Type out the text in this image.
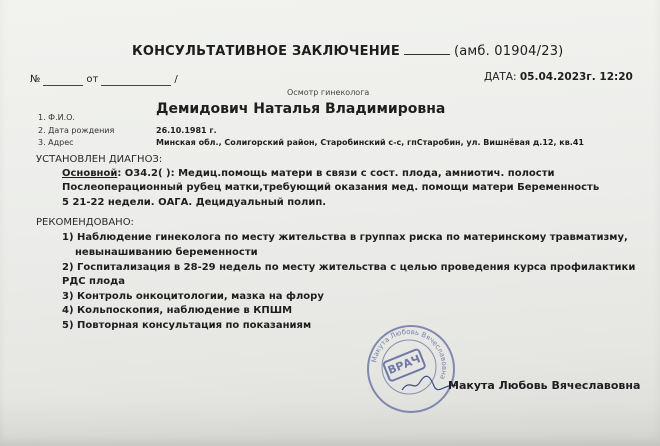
КОНСУЛЬТАТИВНОЕ ЗАКЛЮЧЕНИЕ	(амб. 01904/23)
№	от	/	ДАТА: 05.04.2023г. 12:20
Осмотр гинеколога
1. Ф.И.О.
Демидович Наталья Владимировна
2. Дата рождения	26.10.1981 г.
3. Адрес	Минская обл., Солигорский район, Старобинский с-с, гпСтаробин, ул. Вишнёвая д.12, кв.41
УСТАНОВЛЕН ДИАГНОЗ:
Основной: О34.2( ): Медиц.помощь матери в связи с сост. плода, амниотич. полости
Послеоперационный рубец матки,требующий оказания мед. помощи матери Беременность
5 21-22 недели. ОАГА. Децидуальный полип.
РЕКОМЕНДОВАНО:
1) Наблюдение гинеколога по месту жительства в группах риска по материнскому травматизму,
невынашиванию беременности
2) Госпитализация в 28-29 недель по месту жительства с целью проведения курса профилактики
РДС плода
3) Контроль онкоцитологии, мазка на флору
4) Кольпоскопия, наблюдение в КПШМ
5) Повторная консультация по показаниям
Макута Любовь Вячеславовна
ВРАЧ
Макута Любовь Вячеславовна
